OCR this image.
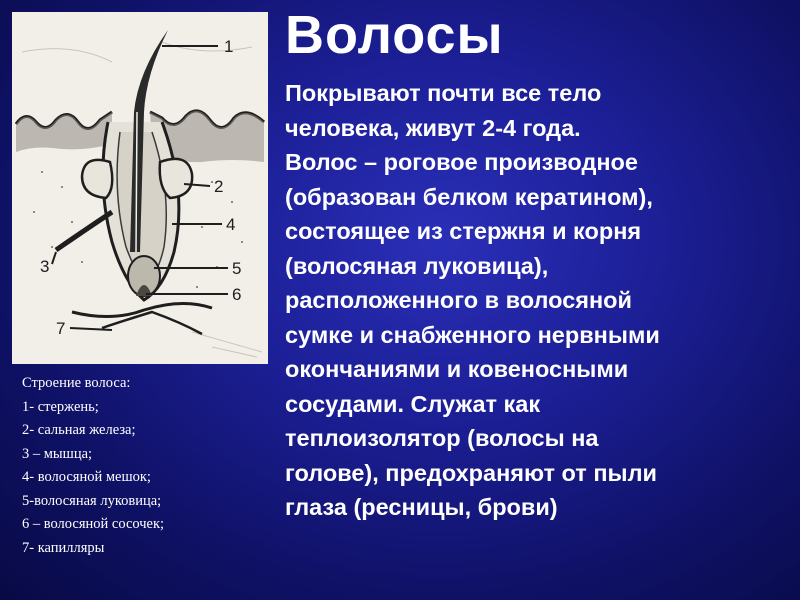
Волосы
Покрывают почти все тело
человека, живут 2-4 года.
Волос – роговое производное
(образован белком кератином),
состоящее из стержня и корня
(волосяная луковица),
расположенного в волосяной
сумке и снабженного нервными
окончаниями и ковеносными
сосудами. Служат как
теплоизолятор (волосы на
голове), предохраняют от пыли
глаза (ресницы, брови)
1
2
3
4
5
6
7
Строение волоса:
1- стержень;
2- сальная железа;
3 – мышца;
4- волосяной мешок;
5-волосяная луковица;
6 – волосяной сосочек;
7- капилляры
